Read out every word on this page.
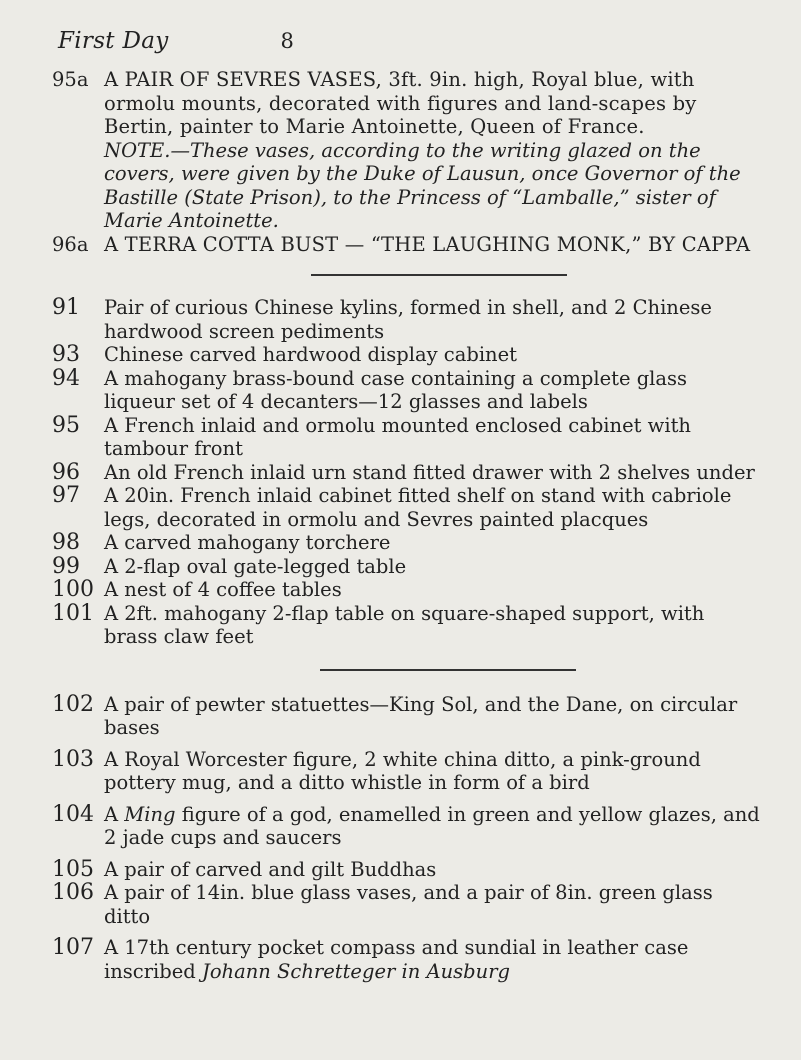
First Day	8
95a A PAIR OF SEVRES VASES, 3ft. 9in. high, Royal blue, with ormolu mounts, decorated with figures and land-scapes by Bertin, painter to Marie Antoinette, Queen of France.
NOTE.—These vases, according to the writing glazed on the covers, were given by the Duke of Lausun, once Governor of the Bastille (State Prison), to the Princess of “Lamballe,” sister of Marie Antoinette.
96a A TERRA COTTA BUST — “THE LAUGHING MONK,” BY CAPPA
91	Pair of curious Chinese kylins, formed in shell, and 2 Chinese hardwood screen pediments
93	Chinese carved hardwood display cabinet
94	A mahogany brass-bound case containing a complete glass liqueur set of 4 decanters—12 glasses and labels
95	A French inlaid and ormolu mounted enclosed cabinet with tambour front
96	An old French inlaid urn stand fitted drawer with 2 shelves under
97	A 20in. French inlaid cabinet fitted shelf on stand with cabriole legs, decorated in ormolu and Sevres painted placques
98	A carved mahogany torchere
99	A 2-flap oval gate-legged table
100 A nest of 4 coffee tables
101 A 2ft. mahogany 2-flap table on square-shaped support, with brass claw feet
102 A pair of pewter statuettes—King Sol, and the Dane, on circular bases
103 A Royal Worcester figure, 2 white china ditto, a pink-ground pottery mug, and a ditto whistle in form of a bird
104 A Ming figure of a god, enamelled in green and yellow glazes, and 2 jade cups and saucers
105 A pair of carved and gilt Buddhas
106 A pair of 14in. blue glass vases, and a pair of 8in. green glass ditto
107 A 17th century pocket compass and sundial in leather case inscribed Johann Schretteger in Ausburg
